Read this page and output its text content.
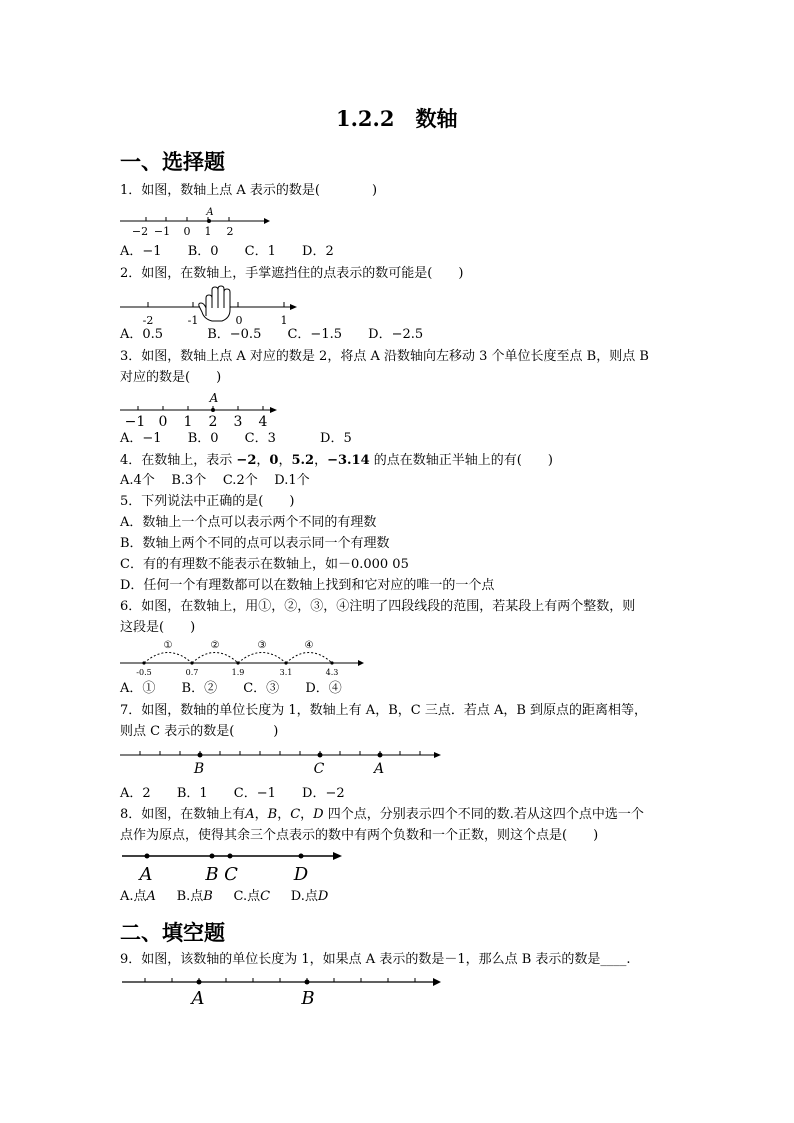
1.2.2　数轴
一、选择题
1．如图，数轴上点 A 表示的数是(　　　　)
A
−2 −1 0 1 2
A．−1 B．0 C．1 D．2
2．如图，在数轴上，手掌遮挡住的点表示的数可能是(　　)
-2	-1	0	1
A．0.5	B．−0.5 C．−1.5 D．−2.5
3．如图，数轴上点 A 对应的数是 2，将点 A 沿数轴向左移动 3 个单位长度至点 B，则点 B
对应的数是(　　)
A
−1 0 1 2 3 4
A．−1 B．0 C．3	D．5
4．在数轴上，表示 −2，0，5.2，−3.14 的点在数轴正半轴上的有(　　)
A.4个 B.3个 C.2个 D.1个
5．下列说法中正确的是(　　)
A．数轴上一个点可以表示两个不同的有理数
B．数轴上两个不同的点可以表示同一个有理数
C．有的有理数不能表示在数轴上，如－0.000 05
D．任何一个有理数都可以在数轴上找到和它对应的唯一的一个点
6．如图，在数轴上，用①，②，③，④注明了四段线段的范围，若某段上有两个整数，则
这段是(　　)
①	②	③	④
-0.5	0.7	1.9	3.1	4.3
A．① B．② C．③ D．④
7．如图，数轴的单位长度为 1，数轴上有 A，B，C 三点．若点 A，B 到原点的距离相等，
则点 C 表示的数是(　　　)
B	C	A
A．2 B．1 C．−1 D．−2
8．如图，在数轴上有𝐴，𝐵，𝐶，𝐷 四个点，分别表示四个不同的数.若从这四个点中选一个
点作为原点，使得其余三个点表示的数中有两个负数和一个正数，则这个点是(　　)
A	B C	D
A.点𝐴 B.点𝐵 C.点𝐶 D.点𝐷
二、填空题
9．如图，该数轴的单位长度为 1，如果点 A 表示的数是－1，那么点 B 表示的数是____.
A	B
